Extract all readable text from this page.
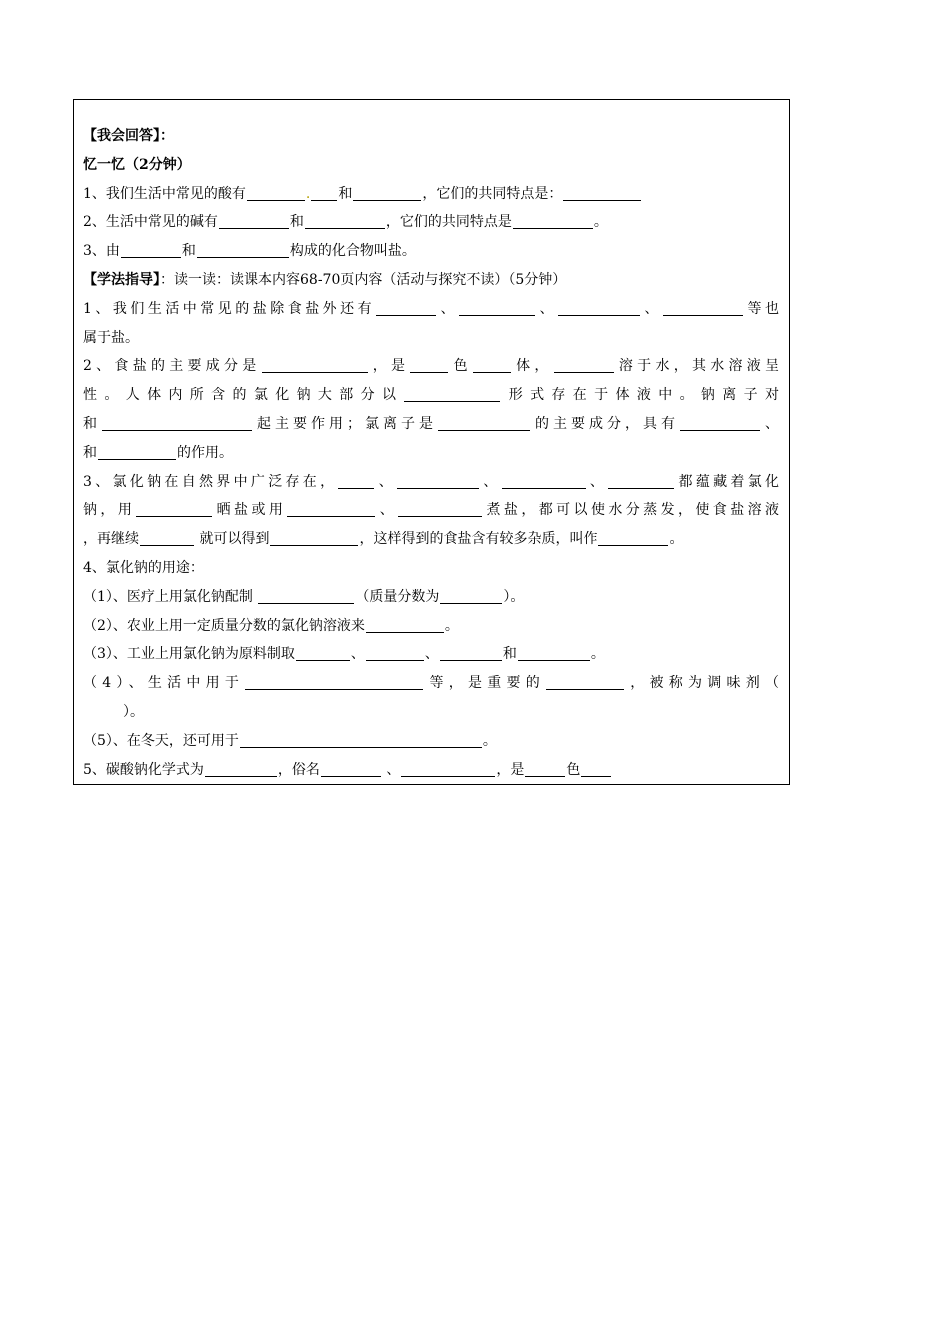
【我会回答】：
忆一忆（2分钟）
1、我们生活中常见的酸有	. 和	，它们的共同特点是：
2、生活中常见的碱有	和	，它们的共同特点是	。
3、由	和	构成的化合物叫盐。
【学法指导】：读一读：读课本内容68-70页内容（活动与探究不读）（5分钟）
1、我们生活中常见的盐除食盐外还有	、	、	、	等也
属于盐。
2、食盐的主要成分是	，是	色	体，	溶于水，其水溶液呈
性。人体内所含的氯化钠大部分以	形式存在于体液中。钠离子对
和	起主要作用；氯离子是	的主要成分，具有	、
和	的作用。
3、氯化钠在自然界中广泛存在，	、	、	、	都蕴藏着氯化
钠，用	晒盐或用	、	煮盐，都可以使水分蒸发，使食盐溶液
，再继续	就可以得到	，这样得到的食盐含有较多杂质，叫作	。
4、氯化钠的用途：
（1）、医疗上用氯化钠配制	（质量分数为	）。
（2）、农业上用一定质量分数的氯化钠溶液来	。
（3）、工业上用氯化钠为原料制取	、	、	和	。
（4）、生活中用于	等，是重要的	，被称为调味剂（
）。
（5）、在冬天，还可用于	。
5、碳酸钠化学式为	，俗名	、	，是	色
